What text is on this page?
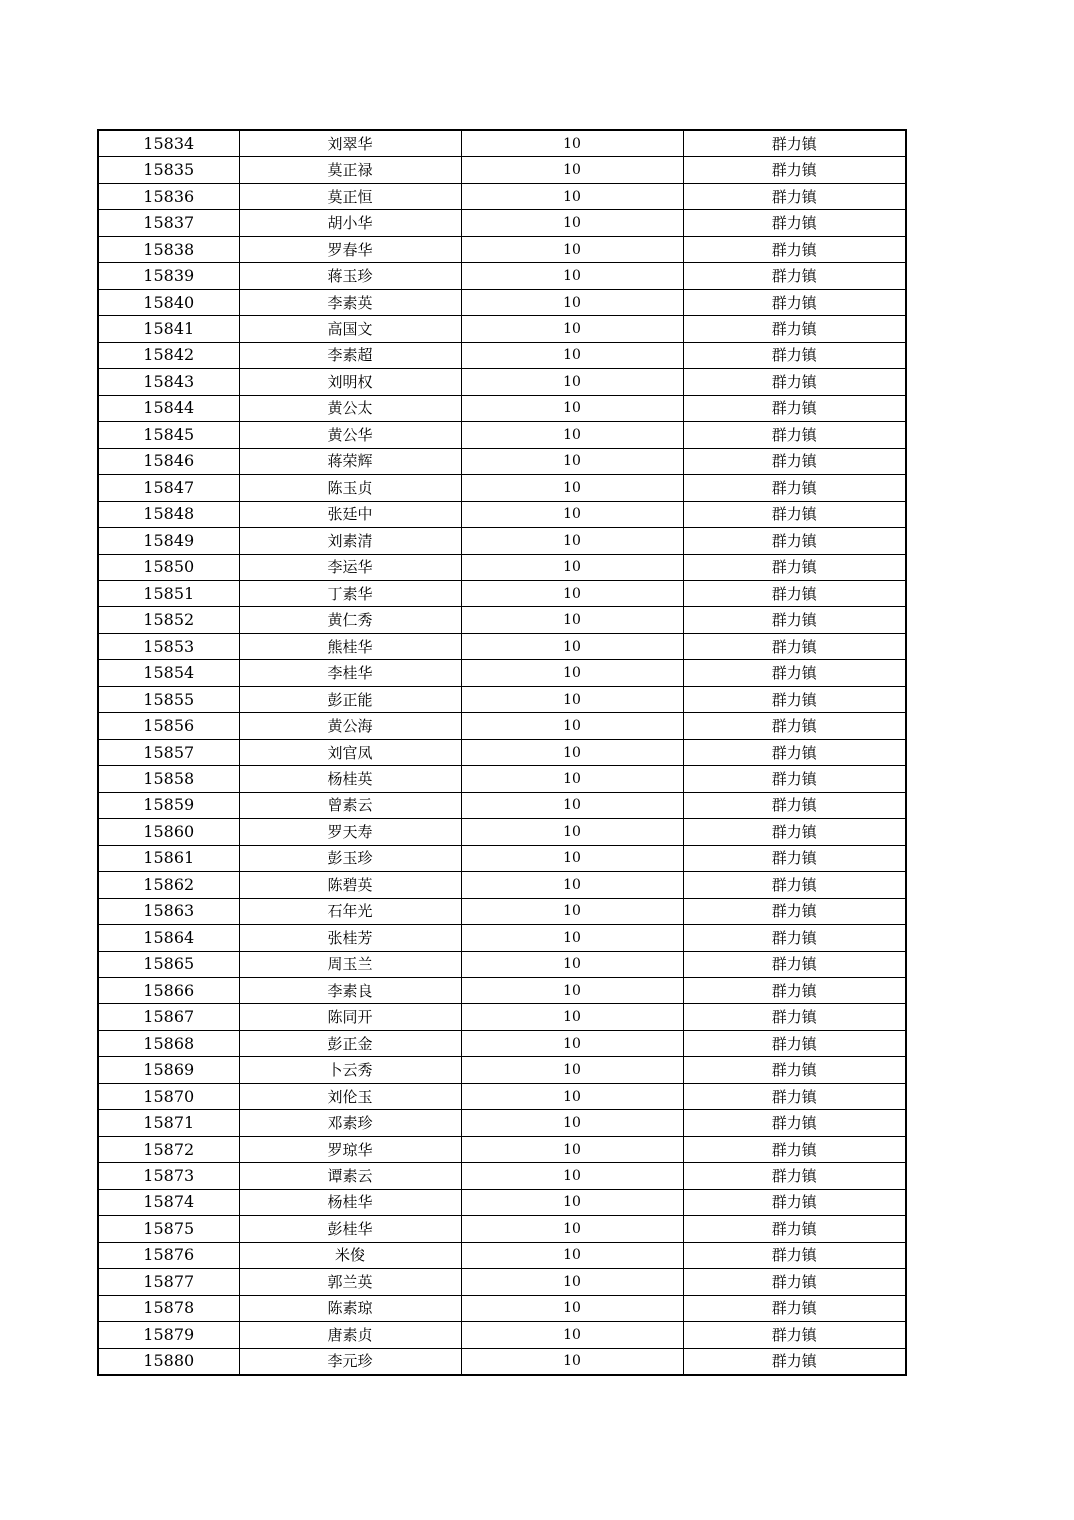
15834	刘翠华	10	群力镇
15835	莫正禄	10	群力镇
15836	莫正恒	10	群力镇
15837	胡小华	10	群力镇
15838	罗春华	10	群力镇
15839	蒋玉珍	10	群力镇
15840	李素英	10	群力镇
15841	高国文	10	群力镇
15842	李素超	10	群力镇
15843	刘明权	10	群力镇
15844	黄公太	10	群力镇
15845	黄公华	10	群力镇
15846	蒋荣辉	10	群力镇
15847	陈玉贞	10	群力镇
15848	张廷中	10	群力镇
15849	刘素清	10	群力镇
15850	李运华	10	群力镇
15851	丁素华	10	群力镇
15852	黄仁秀	10	群力镇
15853	熊桂华	10	群力镇
15854	李桂华	10	群力镇
15855	彭正能	10	群力镇
15856	黄公海	10	群力镇
15857	刘官凤	10	群力镇
15858	杨桂英	10	群力镇
15859	曾素云	10	群力镇
15860	罗天寿	10	群力镇
15861	彭玉珍	10	群力镇
15862	陈碧英	10	群力镇
15863	石年光	10	群力镇
15864	张桂芳	10	群力镇
15865	周玉兰	10	群力镇
15866	李素良	10	群力镇
15867	陈同开	10	群力镇
15868	彭正金	10	群力镇
15869	卜云秀	10	群力镇
15870	刘伦玉	10	群力镇
15871	邓素珍	10	群力镇
15872	罗琼华	10	群力镇
15873	谭素云	10	群力镇
15874	杨桂华	10	群力镇
15875	彭桂华	10	群力镇
15876	米俊	10	群力镇
15877	郭兰英	10	群力镇
15878	陈素琼	10	群力镇
15879	唐素贞	10	群力镇
15880	李元珍	10	群力镇
